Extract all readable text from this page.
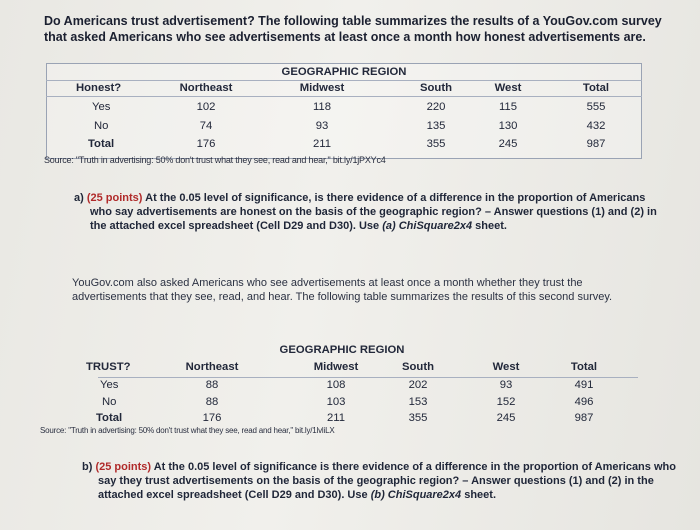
Do Americans trust advertisement? The following table summarizes the results of a YouGov.com survey that asked Americans who see advertisements at least once a month how honest advertisements are.
GEOGRAPHIC REGION
Honest?	Northeast	Midwest	South	West	Total
Yes	102	118	220	115	555
No	74	93	135	130	432
Total	176	211	355	245	987
Source: "Truth in advertising: 50% don't trust what they see, read and hear," bit.ly/1jPXYc4
a) (25 points) At the 0.05 level of significance, is there evidence of a difference in the proportion of Americans who say advertisements are honest on the basis of the geographic region? – Answer questions (1) and (2) in the attached excel spreadsheet (Cell D29 and D30). Use (a) ChiSquare2x4 sheet.
YouGov.com also asked Americans who see advertisements at least once a month whether they trust the advertisements that they see, read, and hear. The following table summarizes the results of this second survey.
GEOGRAPHIC REGION
TRUST?	Northeast	Midwest	South	West	Total
Yes	88	108	202	93	491
No	88	103	153	152	496
Total	176	211	355	245	987
Source: "Truth in advertising: 50% don't trust what they see, read and hear," bit.ly/1lvliLX
b) (25 points) At the 0.05 level of significance is there evidence of a difference in the proportion of Americans who say they trust advertisements on the basis of the geographic region? – Answer questions (1) and (2) in the attached excel spreadsheet (Cell D29 and D30). Use (b) ChiSquare2x4 sheet.
